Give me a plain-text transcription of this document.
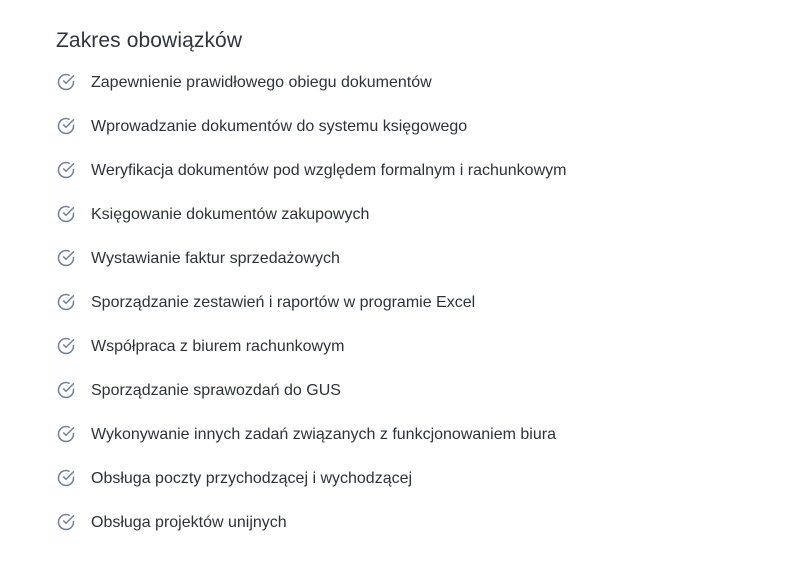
Zakres obowiązków
Zapewnienie prawidłowego obiegu dokumentów
Wprowadzanie dokumentów do systemu księgowego
Weryfikacja dokumentów pod względem formalnym i rachunkowym
Księgowanie dokumentów zakupowych
Wystawianie faktur sprzedażowych
Sporządzanie zestawień i raportów w programie Excel
Współpraca z biurem rachunkowym
Sporządzanie sprawozdań do GUS
Wykonywanie innych zadań związanych z funkcjonowaniem biura
Obsługa poczty przychodzącej i wychodzącej
Obsługa projektów unijnych
